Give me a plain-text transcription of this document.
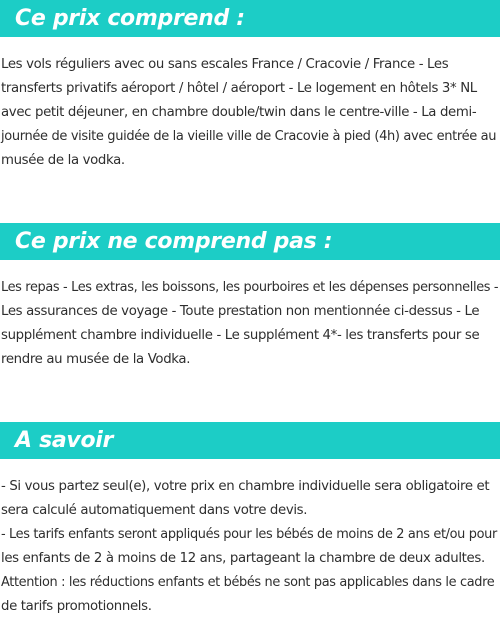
Ce prix comprend :

Les vols réguliers avec ou sans escales France / Cracovie / France - Les
transferts privatifs aéroport / hôtel / aéroport - Le logement en hôtels 3* NL
avec petit déjeuner, en chambre double/twin dans le centre-ville - La demi-
journée de visite guidée de la vieille ville de Cracovie à pied (4h) avec entrée au
musée de la vodka.

Ce prix ne comprend pas :

Les repas - Les extras, les boissons, les pourboires et les dépenses personnelles -
Les assurances de voyage - Toute prestation non mentionnée ci-dessus - Le
supplément chambre individuelle - Le supplément 4*- les transferts pour se
rendre au musée de la Vodka.

A savoir

- Si vous partez seul(e), votre prix en chambre individuelle sera obligatoire et
sera calculé automatiquement dans votre devis.
- Les tarifs enfants seront appliqués pour les bébés de moins de 2 ans et/ou pour
les enfants de 2 à moins de 12 ans, partageant la chambre de deux adultes.
Attention : les réductions enfants et bébés ne sont pas applicables dans le cadre
de tarifs promotionnels.
